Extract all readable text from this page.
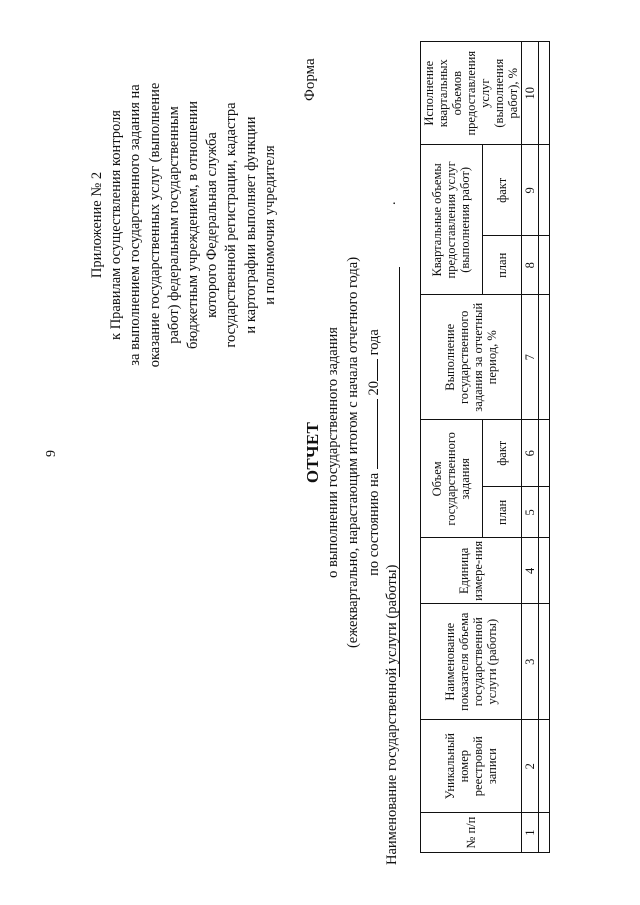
9
Приложение № 2 к Правилам осуществления контроля за выполнением государственного задания на оказание государственных услуг (выполнение работ) федеральным государственным бюджетным учреждением, в отношении которого Федеральная служба государственной регистрации, кадастра и картографии выполняет функции и полномочия учредителя
Форма
ОТЧЕТ о выполнении государственного задания (ежеквартально, нарастающим итогом с начала отчетного года) по состоянию на  20 года
Наименование государственной услуги (работы)
.
№ п/п	Уникальный номер реестровой записи	Наименование показателя объема государственной услуги (работы)	Единица измере-ния	Объем государственного задания		Выполнение государственного задания за отчетный период, %	Квартальные объемы предоставления услуг (выполнения работ)		Исполнение квартальных объемов предоставления услуг (выполнения работ), %
				план	факт		план	факт	
1	2	3	4	5	6	7	8	9	10
